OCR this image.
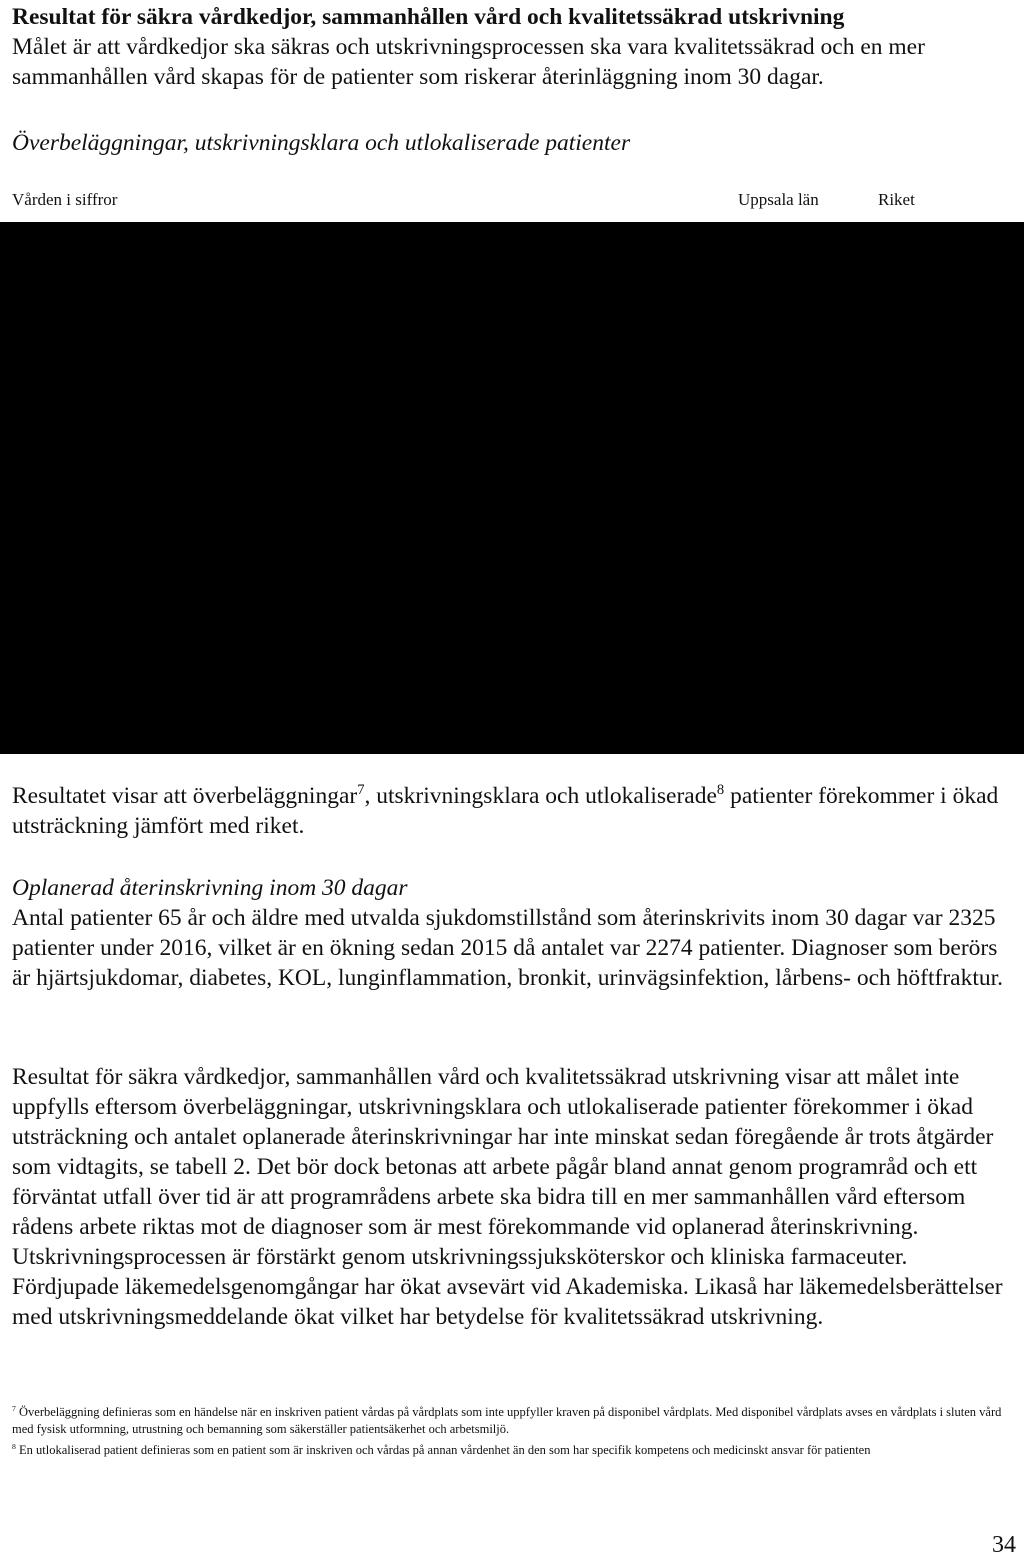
Resultat för säkra vårdkedjor, sammanhållen vård och kvalitetssäkrad utskrivning
Målet är att vårdkedjor ska säkras och utskrivningsprocessen ska vara kvalitetssäkrad och en mer sammanhållen vård skapas för de patienter som riskerar återinläggning inom 30 dagar.
Överbeläggningar, utskrivningsklara och utlokaliserade patienter
Vården i siffror	Uppsala län	Riket
Resultatet visar att överbeläggningar$^7$, utskrivningsklara och utlokaliserade$^8$ patienter förekommer i ökad utsträckning jämfört med riket.
Oplanerad återinskrivning inom 30 dagar
Antal patienter 65 år och äldre med utvalda sjukdomstillstånd som återinskrivits inom 30 dagar var 2325 patienter under 2016, vilket är en ökning sedan 2015 då antalet var 2274 patienter. Diagnoser som berörs är hjärtsjukdomar, diabetes, KOL, lunginflammation, bronkit, urinvägsinfektion, lårbens- och höftfraktur.
Resultat för säkra vårdkedjor, sammanhållen vård och kvalitetssäkrad utskrivning visar att målet inte uppfylls eftersom överbeläggningar, utskrivningsklara och utlokaliserade patienter förekommer i ökad utsträckning och antalet oplanerade återinskrivningar har inte minskat sedan föregående år trots åtgärder som vidtagits, se tabell 2. Det bör dock betonas att arbete pågår bland annat genom programråd och ett förväntat utfall över tid är att programrådens arbete ska bidra till en mer sammanhållen vård eftersom rådens arbete riktas mot de diagnoser som är mest förekommande vid oplanerad återinskrivning. Utskrivningsprocessen är förstärkt genom utskrivningssjuksköterskor och kliniska farmaceuter. Fördjupade läkemedelsgenomgångar har ökat avsevärt vid Akademiska. Likaså har läkemedelsberättelser med utskrivningsmeddelande ökat vilket har betydelse för kvalitetssäkrad utskrivning.

$^7$ Överbeläggning definieras som en händelse när en inskriven patient vårdas på vårdplats som inte uppfyller kraven på disponibel vårdplats. Med disponibel vårdplats avses en vårdplats i sluten vård med fysisk utformning, utrustning och bemanning som säkerställer patientsäkerhet och arbetsmiljö.

$^8$ En utlokaliserad patient definieras som en patient som är inskriven och vårdas på annan vårdenhet än den som har specifik kompetens och medicinskt ansvar för patienten

34
